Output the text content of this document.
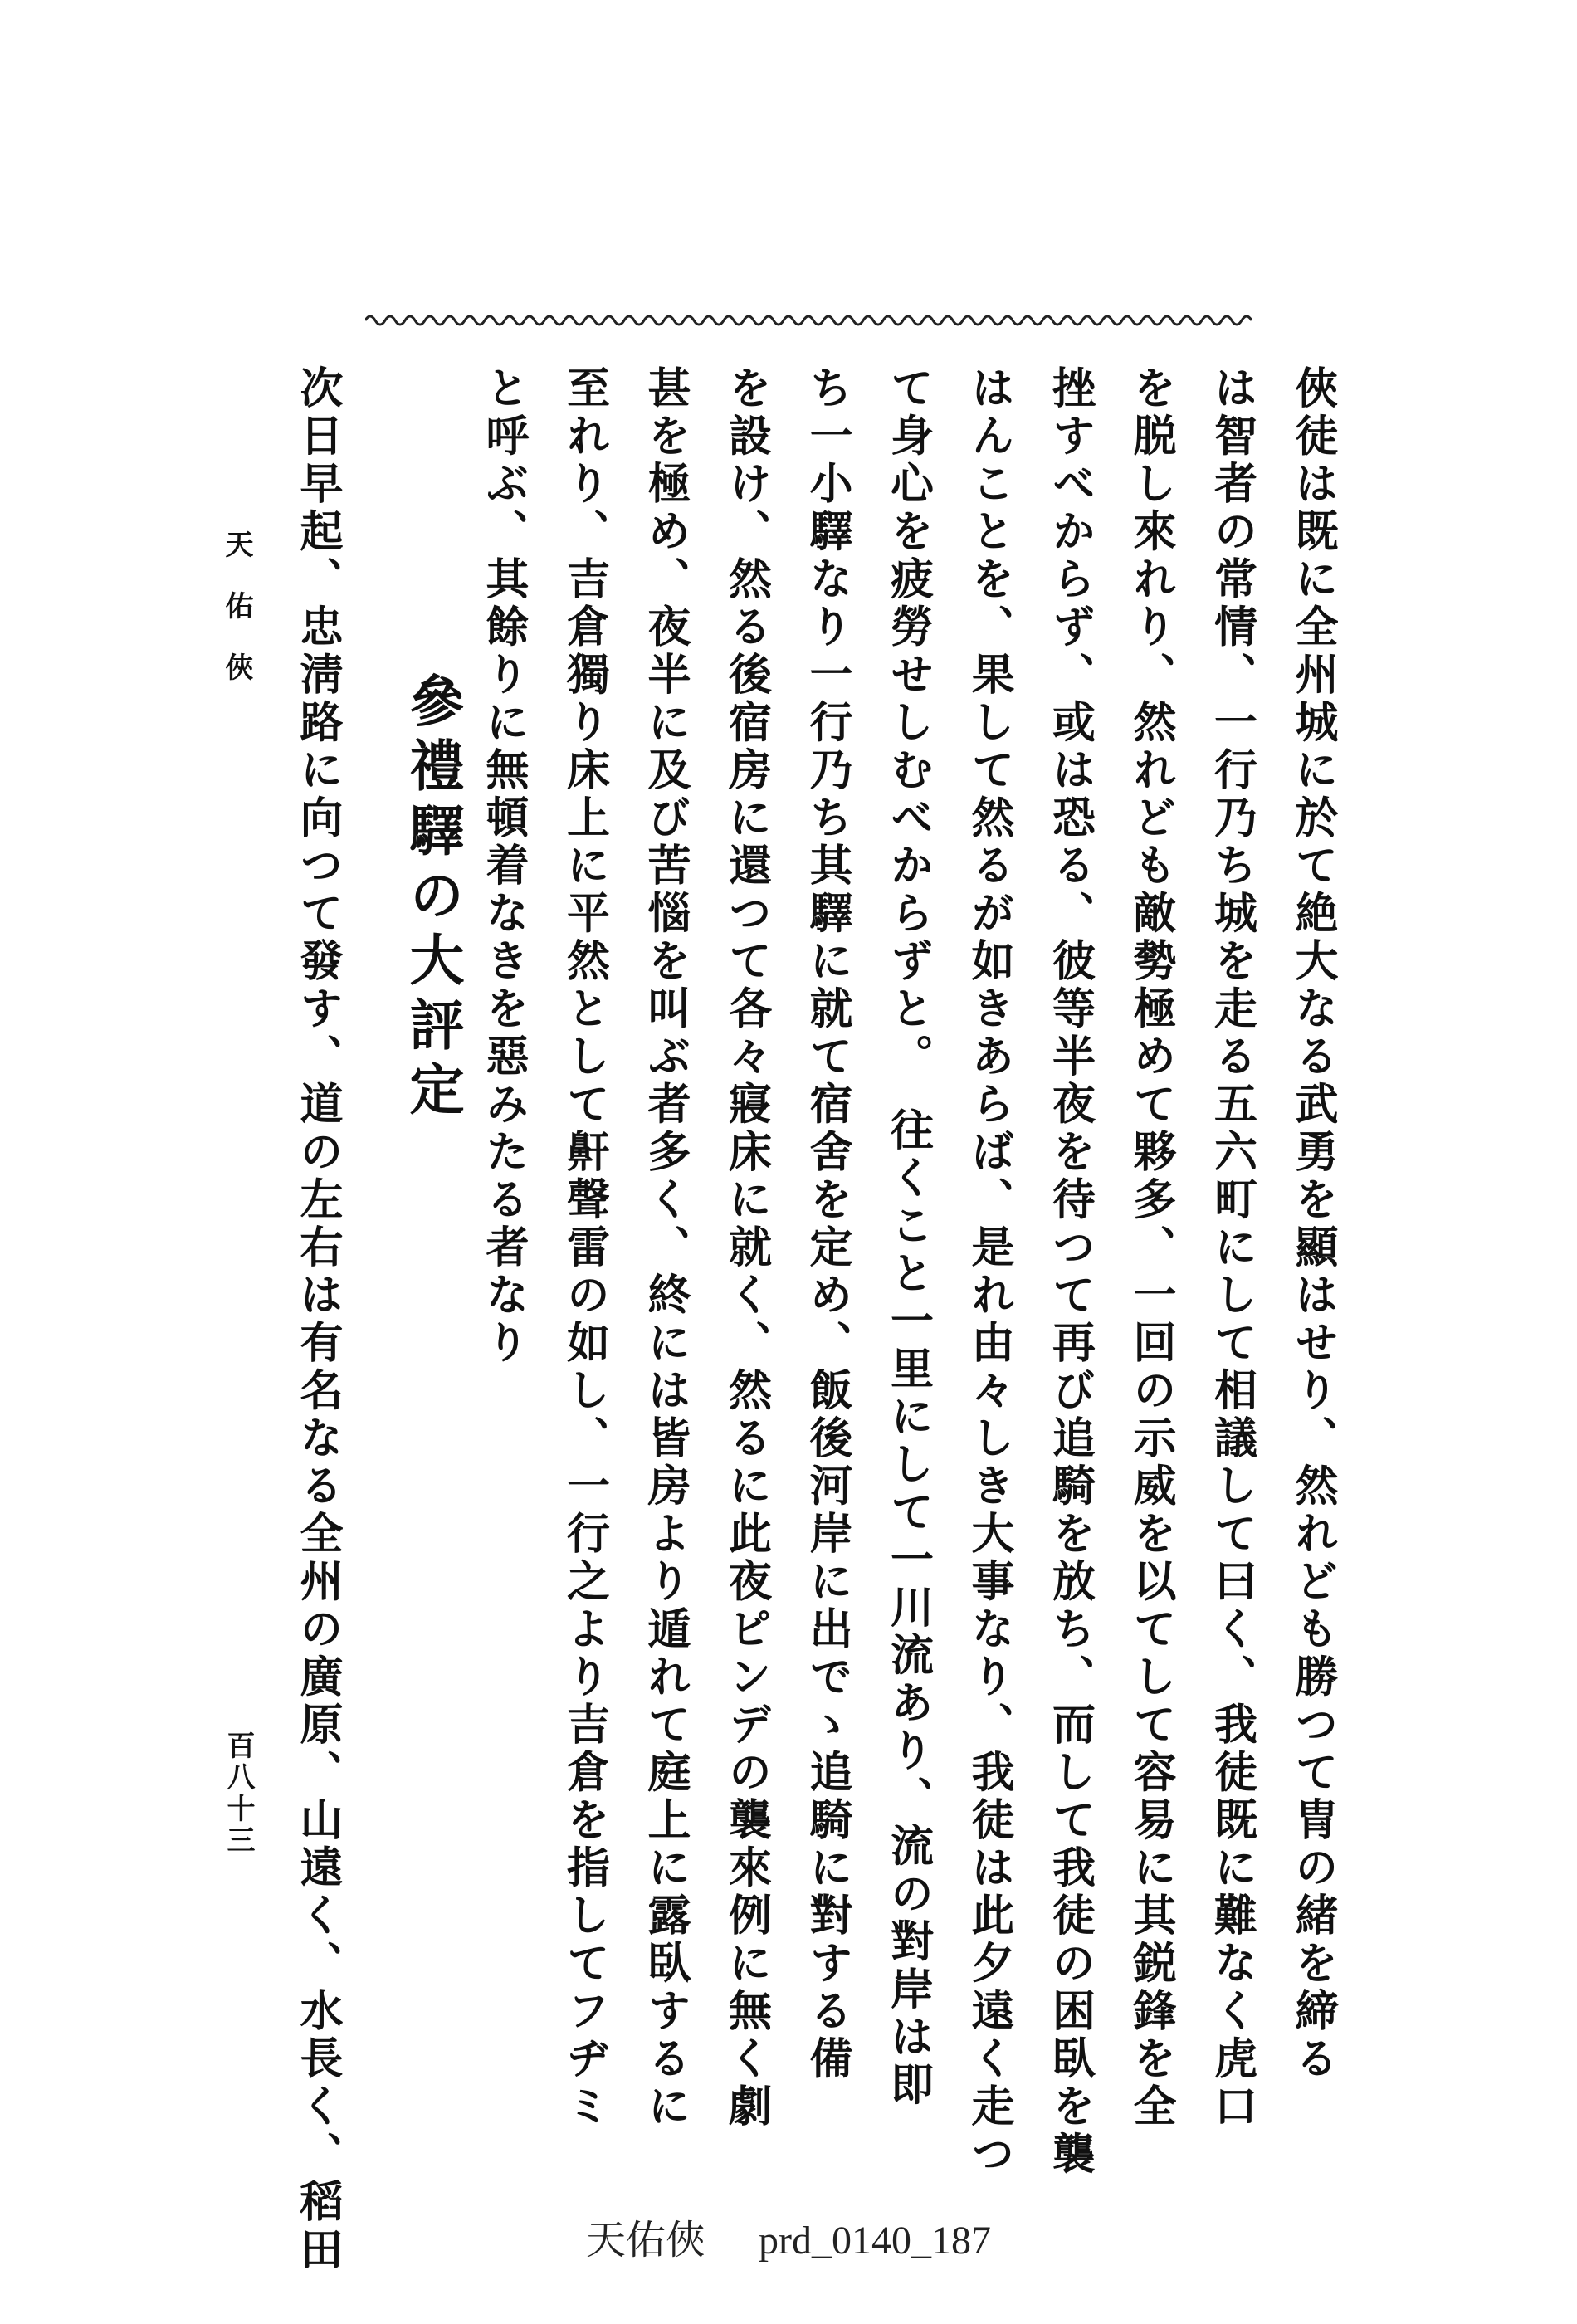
俠徒は既に全州城に於て絶大なる武勇を顯はせり、然れども勝つて冑の緒を締る
は智者の常情、一行乃ち城を走る五六町にして相議して曰く、我徒既に難なく虎口
を脱し來れり、然れども敵勢極めて夥多、一回の示威を以てして容易に其鋭鋒を全
挫すべからず、或は恐る、彼等半夜を待つて再び追騎を放ち、而して我徒の困臥を襲
はんことを、果して然るが如きあらば、是れ由々しき大事なり、我徒は此夕遠く走つ
て身心を疲勞せしむべからずと。　往くこと一里にして一川流あり、流の對岸は即
ち一小驛なり一行乃ち其驛に就て宿舍を定め、飯後河岸に出でゝ追騎に對する備
を設け、然る後宿房に還つて各々寢床に就く、然るに此夜ピンデの襲來例に無く劇
甚を極め、夜半に及び苦惱を叫ぶ者多く、終には皆房より遁れて庭上に露臥するに
至れり、吉倉獨り床上に平然として鼾聲雷の如し、一行之より吉倉を指してフヂミ
と呼ぶ、其餘りに無頓着なきを惡みたる者なり
參禮驛の大評定
次日早起、忠淸路に向つて發す、道の左右は有名なる全州の廣原、山遠く、水長く、稻田
天佑俠
百八十三
天佑俠 prd_0140_187
